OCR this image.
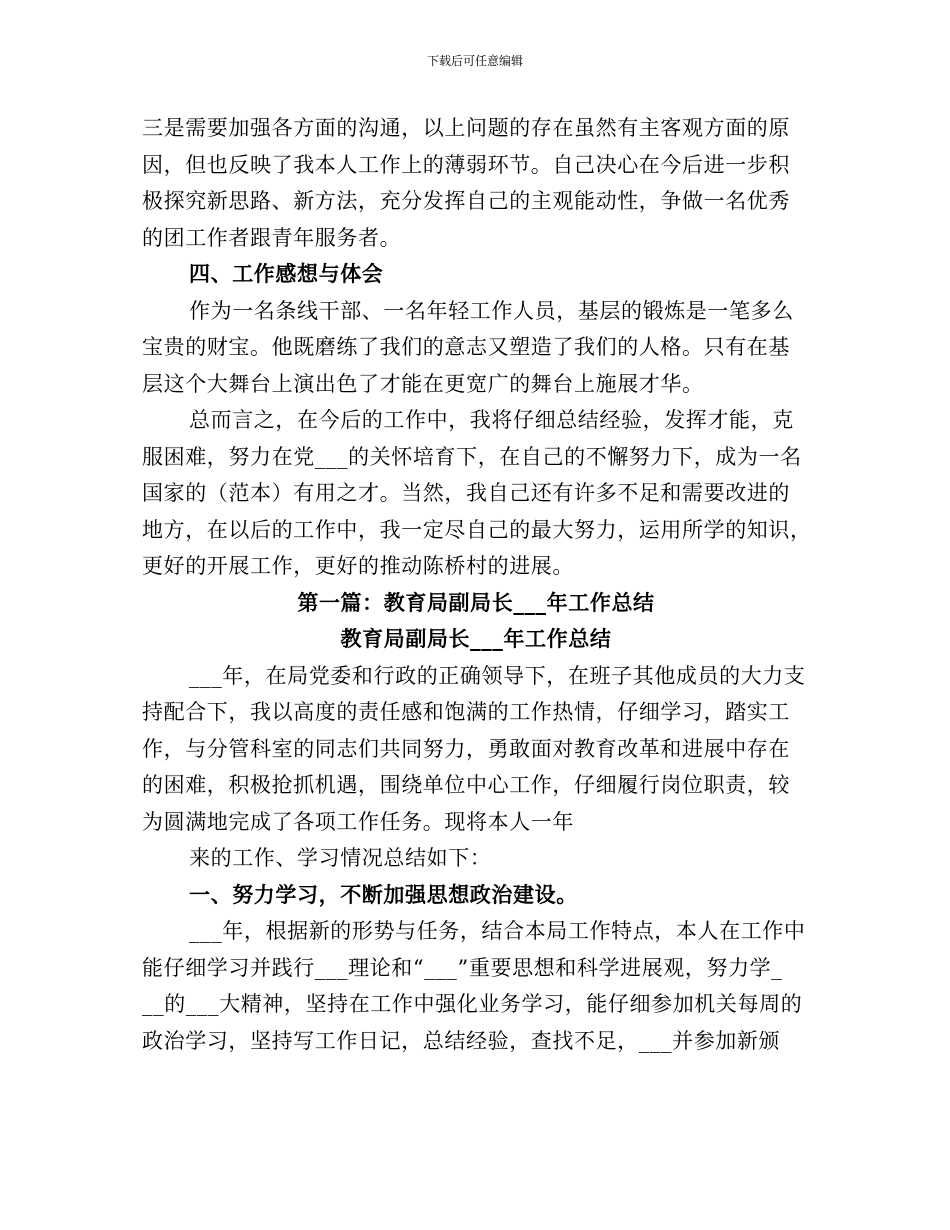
下载后可任意编辑
三是需要加强各方面的沟通，以上问题的存在虽然有主客观方面的原
因，但也反映了我本人工作上的薄弱环节。自己决心在今后进一步积
极探究新思路、新方法，充分发挥自己的主观能动性，争做一名优秀
的团工作者跟青年服务者。
四、工作感想与体会
作为一名条线干部、一名年轻工作人员，基层的锻炼是一笔多么
宝贵的财宝。他既磨练了我们的意志又塑造了我们的人格。只有在基
层这个大舞台上演出色了才能在更宽广的舞台上施展才华。
总而言之，在今后的工作中，我将仔细总结经验，发挥才能，克
服困难，努力在党___的关怀培育下，在自己的不懈努力下，成为一名
国家的（范本）有用之才。当然，我自己还有许多不足和需要改进的
地方，在以后的工作中，我一定尽自己的最大努力，运用所学的知识，
更好的开展工作，更好的推动陈桥村的进展。
第一篇：教育局副局长___年工作总结
教育局副局长___年工作总结
___年，在局党委和行政的正确领导下，在班子其他成员的大力支
持配合下，我以高度的责任感和饱满的工作热情，仔细学习，踏实工
作，与分管科室的同志们共同努力，勇敢面对教育改革和进展中存在
的困难，积极抢抓机遇，围绕单位中心工作，仔细履行岗位职责，较
为圆满地完成了各项工作任务。现将本人一年
来的工作、学习情况总结如下：
一、努力学习，不断加强思想政治建设。
___年，根据新的形势与任务，结合本局工作特点，本人在工作中
能仔细学习并践行___理论和“___”重要思想和科学进展观，努力学_
__的___大精神，坚持在工作中强化业务学习，能仔细参加机关每周的
政治学习，坚持写工作日记，总结经验，查找不足，___并参加新颁
